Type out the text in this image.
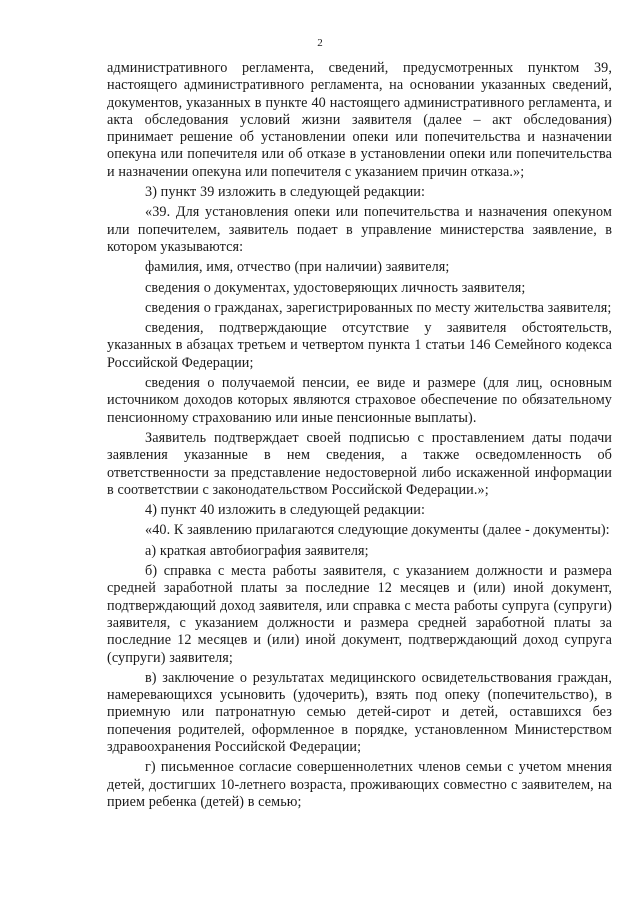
2

административного регламента, сведений, предусмотренных пунктом 39, настоящего административного регламента, на основании указанных сведений, документов, указанных в пункте 40 настоящего административного регламента, и акта обследования условий жизни заявителя (далее – акт обследования) принимает решение об установлении опеки или попечительства и назначении опекуна или попечителя или об отказе в установлении опеки или попечительства и назначении опекуна или попечителя с указанием причин отказа.»;

3) пункт 39 изложить в следующей редакции:

«39. Для установления опеки или попечительства и назначения опекуном или попечителем, заявитель подает в управление министерства заявление, в котором указываются:

фамилия, имя, отчество (при наличии) заявителя;

сведения о документах, удостоверяющих личность заявителя;

сведения о гражданах, зарегистрированных по месту жительства заявителя;

сведения, подтверждающие отсутствие у заявителя обстоятельств, указанных в абзацах третьем и четвертом пункта 1 статьи 146 Семейного кодекса Российской Федерации;

сведения о получаемой пенсии, ее виде и размере (для лиц, основным источником доходов которых являются страховое обеспечение по обязательному пенсионному страхованию или иные пенсионные выплаты).

Заявитель подтверждает своей подписью с проставлением даты подачи заявления указанные в нем сведения, а также осведомленность об ответственности за представление недостоверной либо искаженной информации в соответствии с законодательством Российской Федерации.»;

4) пункт 40 изложить в следующей редакции:

«40. К заявлению прилагаются следующие документы (далее - документы):

а) краткая автобиография заявителя;

б) справка с места работы заявителя, с указанием должности и размера средней заработной платы за последние 12 месяцев и (или) иной документ, подтверждающий доход заявителя, или справка с места работы супруга (супруги) заявителя, с указанием должности и размера средней заработной платы за последние 12 месяцев и (или) иной документ, подтверждающий доход супруга (супруги) заявителя;

в) заключение о результатах медицинского освидетельствования граждан, намеревающихся усыновить (удочерить), взять под опеку (попечительство), в приемную или патронатную семью детей-сирот и детей, оставшихся без попечения родителей, оформленное в порядке, установленном Министерством здравоохранения Российской Федерации;

г) письменное согласие совершеннолетних членов семьи с учетом мнения детей, достигших 10-летнего возраста, проживающих совместно с заявителем, на прием ребенка (детей) в семью;
